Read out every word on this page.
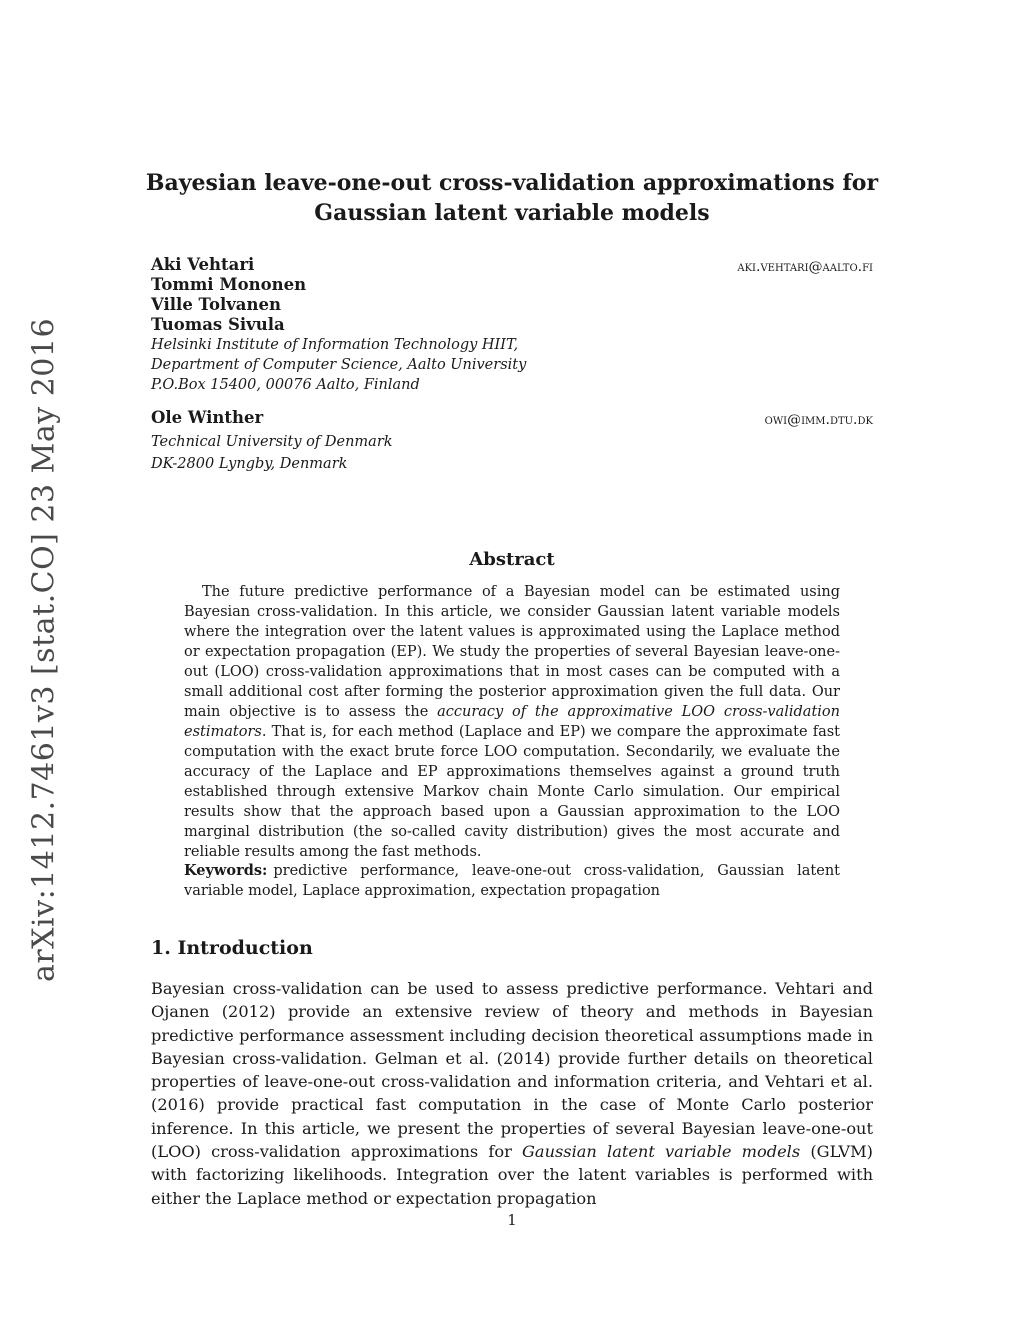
arXiv:1412.7461v3 [stat.CO] 23 May 2016
Bayesian leave-one-out cross-validation approximations for
Gaussian latent variable models
aki.vehtari@aalto.fi
Aki Vehtari
Tommi Mononen
Ville Tolvanen
Tuomas Sivula
Helsinki Institute of Information Technology HIIT,
Department of Computer Science, Aalto University
P.O.Box 15400, 00076 Aalto, Finland
owi@imm.dtu.dk
Ole Winther
Technical University of Denmark
DK-2800 Lyngby, Denmark
Abstract

The future predictive performance of a Bayesian model can be estimated using Bayesian cross-validation. In this article, we consider Gaussian latent variable models where the integration over the latent values is approximated using the Laplace method or expectation propagation (EP). We study the properties of several Bayesian leave-one-out (LOO) cross-validation approximations that in most cases can be computed with a small additional cost after forming the posterior approximation given the full data. Our main objective is to assess the accuracy of the approximative LOO cross-validation estimators. That is, for each method (Laplace and EP) we compare the approximate fast computation with the exact brute force LOO computation. Secondarily, we evaluate the accuracy of the Laplace and EP approximations themselves against a ground truth established through extensive Markov chain Monte Carlo simulation. Our empirical results show that the approach based upon a Gaussian approximation to the LOO marginal distribution (the so-called cavity distribution) gives the most accurate and reliable results among the fast methods.

Keywords: predictive performance, leave-one-out cross-validation, Gaussian latent variable model, Laplace approximation, expectation propagation
1. Introduction

Bayesian cross-validation can be used to assess predictive performance. Vehtari and Ojanen (2012) provide an extensive review of theory and methods in Bayesian predictive performance assessment including decision theoretical assumptions made in Bayesian cross-validation. Gelman et al. (2014) provide further details on theoretical properties of leave-one-out cross-validation and information criteria, and Vehtari et al. (2016) provide practical fast computation in the case of Monte Carlo posterior inference. In this article, we present the properties of several Bayesian leave-one-out (LOO) cross-validation approximations for Gaussian latent variable models (GLVM) with factorizing likelihoods. Integration over the latent variables is performed with either the Laplace method or expectation propagation

1
